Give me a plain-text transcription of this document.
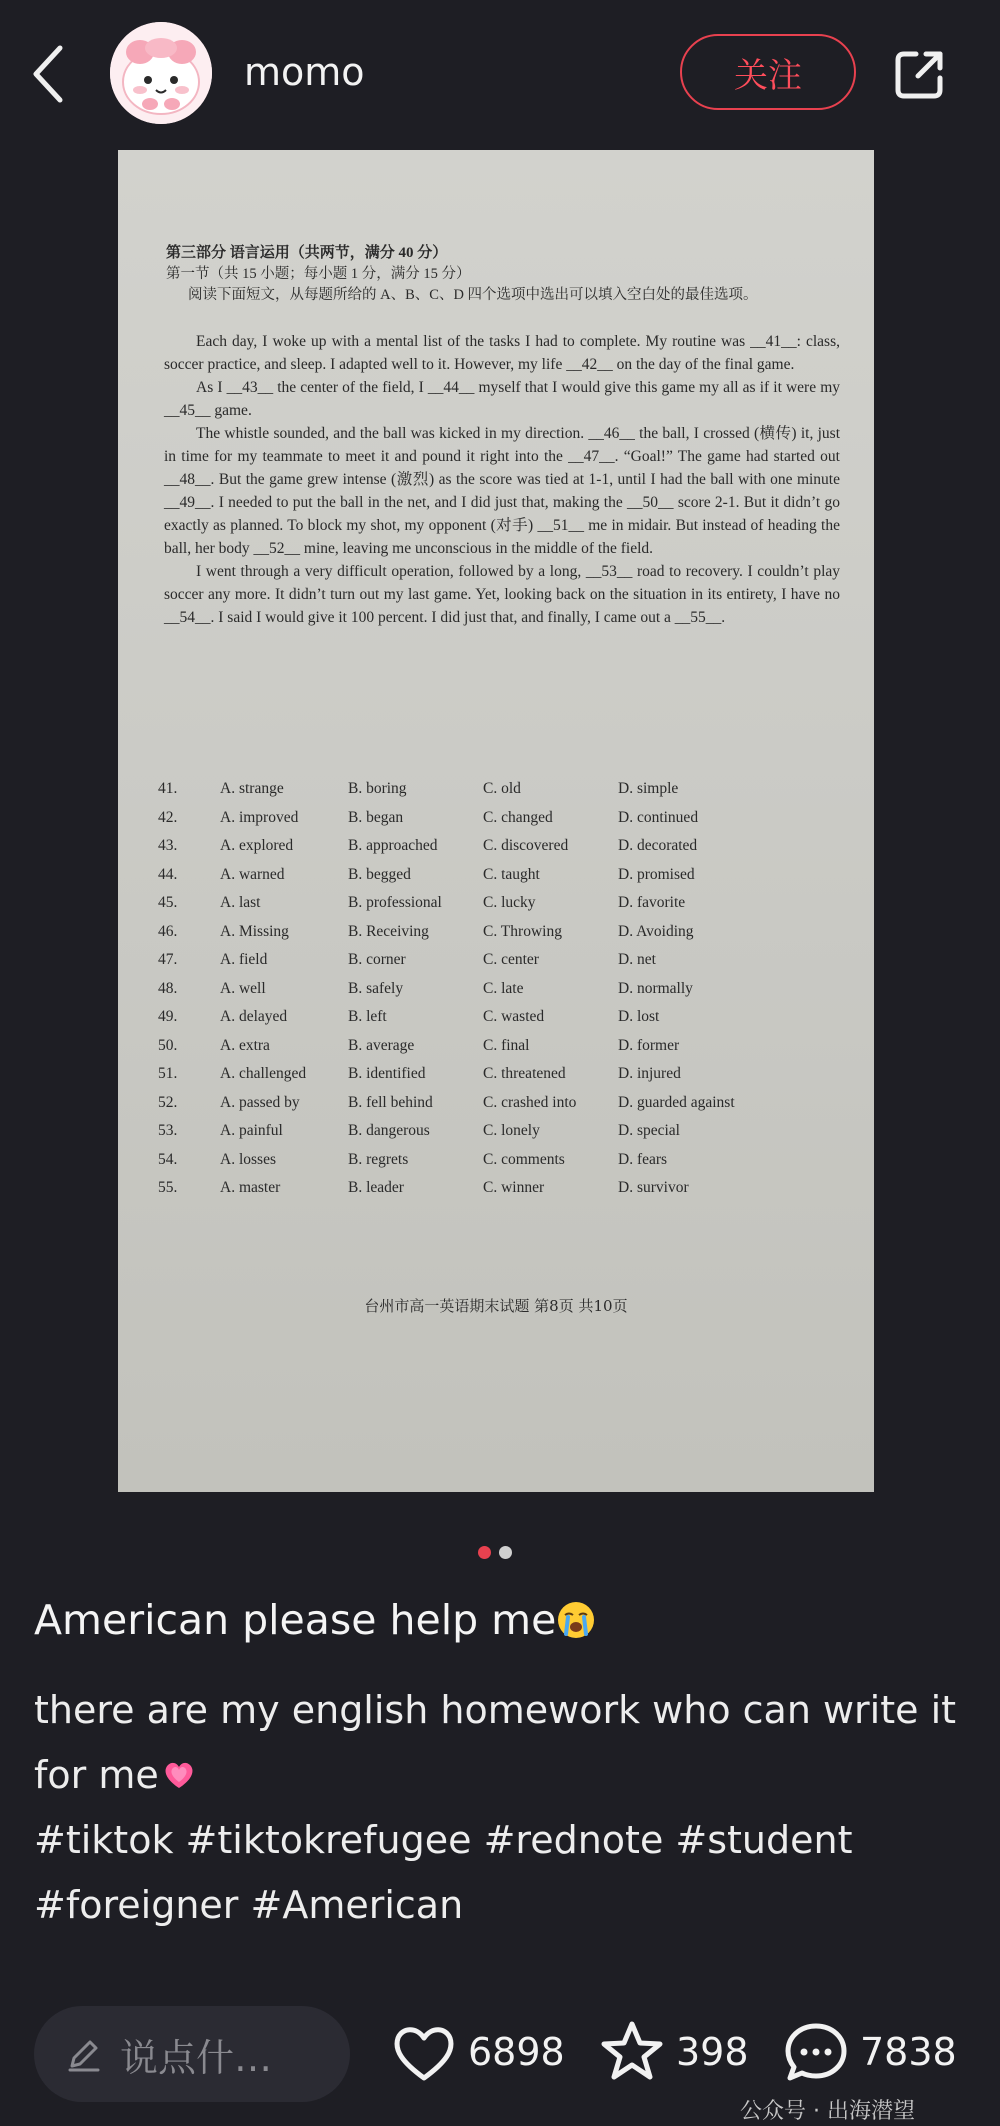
momo	关注
第三部分 语言运用（共两节，满分 40 分）
第一节（共 15 小题；每小题 1 分，满分 15 分）
阅读下面短文，从每题所给的 A、B、C、D 四个选项中选出可以填入空白处的最佳选项。

Each day, I woke up with a mental list of the tasks I had to complete. My routine was __41__: class, soccer practice, and sleep. I adapted well to it. However, my life __42__ on the day of the final game.

As I __43__ the center of the field, I __44__ myself that I would give this game my all as if it were my __45__ game.

The whistle sounded, and the ball was kicked in my direction. __46__ the ball, I crossed (横传) it, just in time for my teammate to meet it and pound it right into the __47__. “Goal!” The game had started out __48__. But the game grew intense (激烈) as the score was tied at 1-1, until I had the ball with one minute __49__. I needed to put the ball in the net, and I did just that, making the __50__ score 2-1. But it didn’t go exactly as planned. To block my shot, my opponent (对手) __51__ me in midair. But instead of heading the ball, her body __52__ mine, leaving me unconscious in the middle of the field.

I went through a very difficult operation, followed by a long, __53__ road to recovery. I couldn’t play soccer any more. It didn’t turn out my last game. Yet, looking back on the situation in its entirety, I have no __54__. I said I would give it 100 percent. I did just that, and finally, I came out a __55__.

41.	A. strange	B. boring	C. old	D. simple
42.	A. improved	B. began	C. changed	D. continued
43.	A. explored	B. approached	C. discovered	D. decorated
44.	A. warned	B. begged	C. taught	D. promised
45.	A. last	B. professional	C. lucky	D. favorite
46.	A. Missing	B. Receiving	C. Throwing	D. Avoiding
47.	A. field	B. corner	C. center	D. net
48.	A. well	B. safely	C. late	D. normally
49.	A. delayed	B. left	C. wasted	D. lost
50.	A. extra	B. average	C. final	D. former
51.	A. challenged	B. identified	C. threatened	D. injured
52.	A. passed by	B. fell behind	C. crashed into	D. guarded against
53.	A. painful	B. dangerous	C. lonely	D. special
54.	A. losses	B. regrets	C. comments	D. fears
55.	A. master	B. leader	C. winner	D. survivor
台州市高一英语期末试题 第8页 共10页
American please help me
there are my english homework who can write it for me
#tiktok #tiktokrefugee #rednote #student #foreigner #American
说点什…	6898	398	7838
公众号 · 出海潜望
